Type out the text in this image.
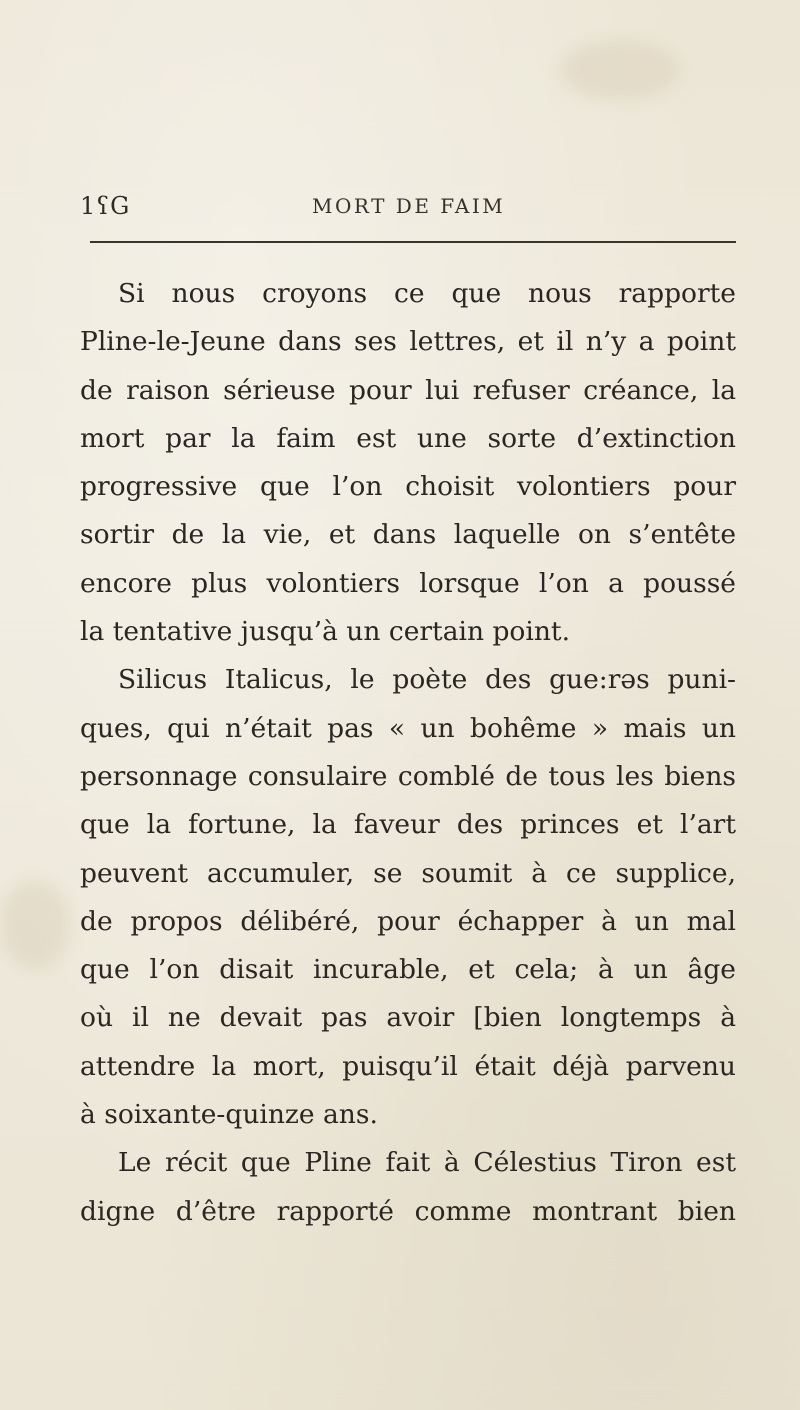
1ʕG	MORT DE FAIM
Si nous croyons ce que nous rapporte
Pline-le-Jeune dans ses lettres, et il n’y a point
de raison sérieuse pour lui refuser créance, la
mort par la faim est une sorte d’extinction
progressive que l’on choisit volontiers pour
sortir de la vie, et dans laquelle on s’entête
encore plus volontiers lorsque l’on a poussé
la tentative jusqu’à un certain point.
Silicus Italicus, le poète des gue:rəs puni-
ques, qui n’était pas « un bohême » mais un
personnage consulaire comblé de tous les biens
que la fortune, la faveur des princes et l’art
peuvent accumuler, se soumit à ce supplice,
de propos délibéré, pour échapper à un mal
que l’on disait incurable, et cela; à un âge
où il ne devait pas avoir [bien longtemps à
attendre la mort, puisqu’il était déjà parvenu
à soixante-quinze ans.
Le récit que Pline fait à Célestius Tiron est
digne d’être rapporté comme montrant bien
